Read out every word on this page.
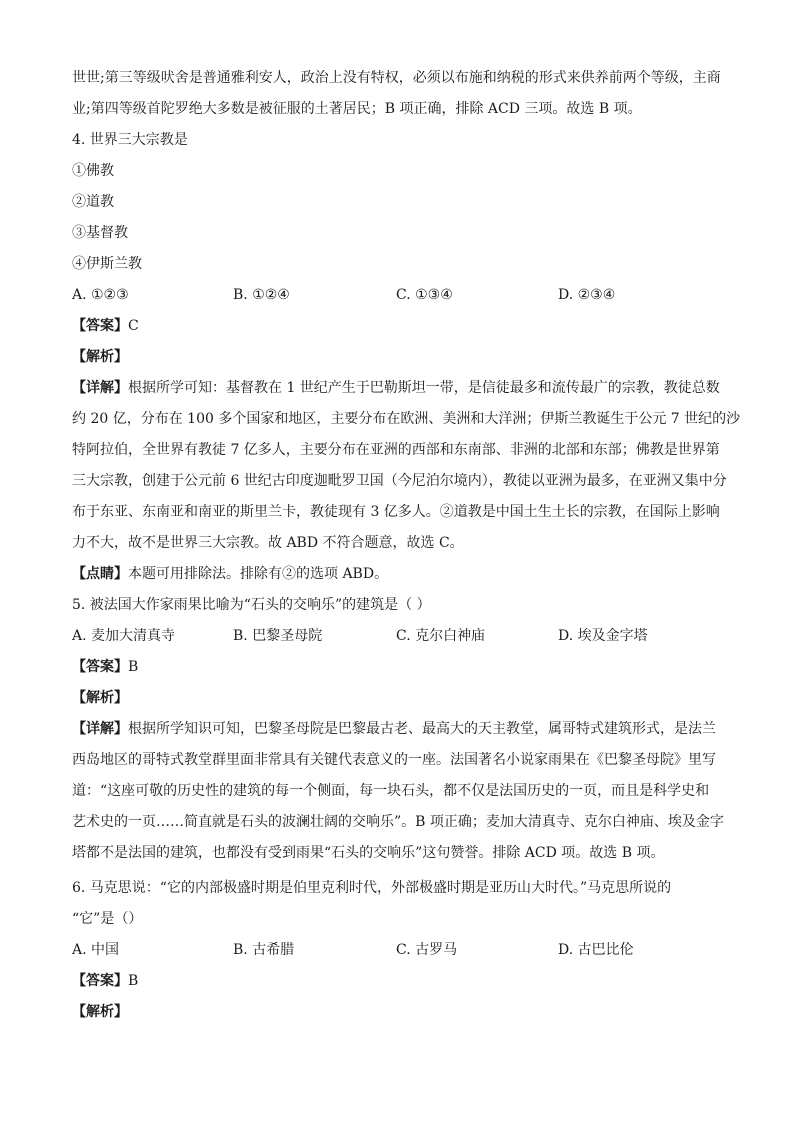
世世;第三等级吠舍是普通雅利安人，政治上没有特权，必须以布施和纳税的形式来供养前两个等级，主商
业;第四等级首陀罗绝大多数是被征服的土著居民；B 项正确，排除 ACD 三项。故选 B 项。
4. 世界三大宗教是
①佛教
②道教
③基督教
④伊斯兰教
A. ①②③	B. ①②④	C. ①③④	D. ②③④
【答案】C
【解析】
【详解】根据所学可知：基督教在 1 世纪产生于巴勒斯坦一带，是信徒最多和流传最广的宗教，教徒总数
约 20 亿，分布在 100 多个国家和地区，主要分布在欧洲、美洲和大洋洲；伊斯兰教诞生于公元 7 世纪的沙
特阿拉伯，全世界有教徒 7 亿多人，主要分布在亚洲的西部和东南部、非洲的北部和东部；佛教是世界第
三大宗教，创建于公元前 6 世纪古印度迦毗罗卫国（今尼泊尔境内），教徒以亚洲为最多，在亚洲又集中分
布于东亚、东南亚和南亚的斯里兰卡，教徒现有 3 亿多人。②道教是中国土生土长的宗教，在国际上影响
力不大，故不是世界三大宗教。故 ABD 不符合题意，故选 C。
【点睛】本题可用排除法。排除有②的选项 ABD。
5. 被法国大作家雨果比喻为“石头的交响乐”的建筑是（ ）
A. 麦加大清真寺	B. 巴黎圣母院	C. 克尔白神庙	D. 埃及金字塔
【答案】B
【解析】
【详解】根据所学知识可知，巴黎圣母院是巴黎最古老、最高大的天主教堂，属哥特式建筑形式，是法兰
西岛地区的哥特式教堂群里面非常具有关键代表意义的一座。法国著名小说家雨果在《巴黎圣母院》里写
道：“这座可敬的历史性的建筑的每一个侧面，每一块石头，都不仅是法国历史的一页，而且是科学史和
艺术史的一页……简直就是石头的波澜壮阔的交响乐”。B 项正确；麦加大清真寺、克尔白神庙、埃及金字
塔都不是法国的建筑，也都没有受到雨果“石头的交响乐”这句赞誉。排除 ACD 项。故选 B 项。
6. 马克思说：“它的内部极盛时期是伯里克利时代，外部极盛时期是亚历山大时代。”马克思所说的
“它”是（）
A. 中国	B. 古希腊	C. 古罗马	D. 古巴比伦
【答案】B
【解析】
